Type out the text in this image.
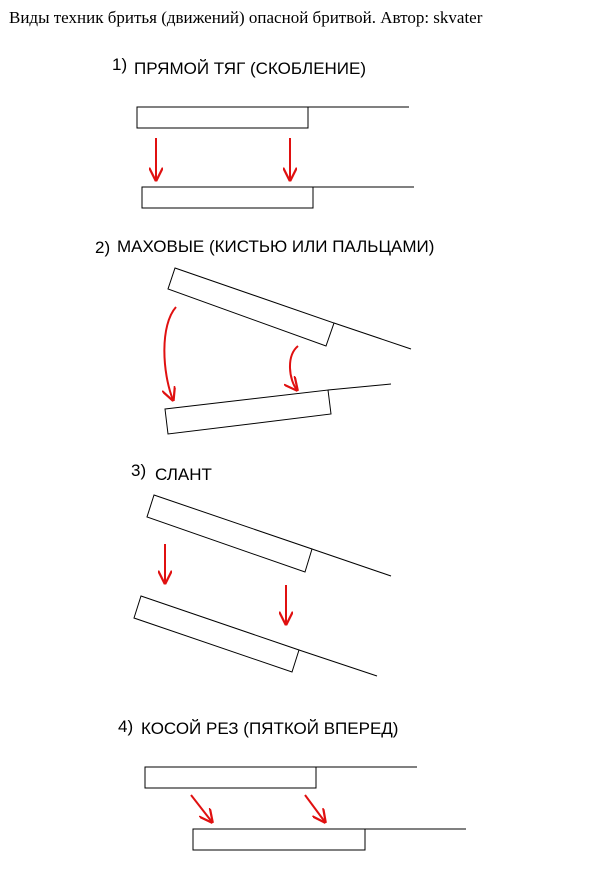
Виды техник бритья (движений) опасной бритвой. Автор: skvater
1) ПРЯМОЙ ТЯГ (СКОБЛЕНИЕ)
2) МАХОВЫЕ (КИСТЬЮ ИЛИ ПАЛЬЦАМИ)
3) СЛАНТ
4) КОСОЙ РЕЗ (ПЯТКОЙ ВПЕРЕД)
